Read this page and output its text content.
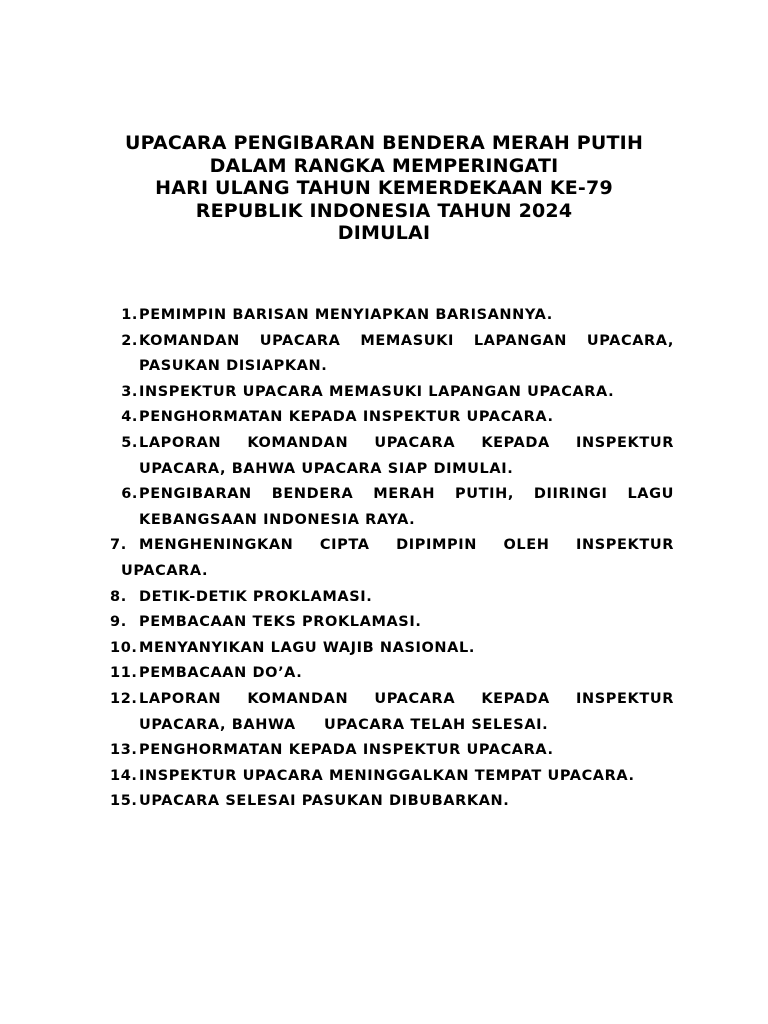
UPACARA PENGIBARAN BENDERA MERAH PUTIH
DALAM RANGKA MEMPERINGATI
HARI ULANG TAHUN KEMERDEKAAN KE-79
REPUBLIK INDONESIA TAHUN 2024
DIMULAI
1. PEMIMPIN BARISAN MENYIAPKAN BARISANNYA.
2. KOMANDAN UPACARA MEMASUKI LAPANGAN UPACARA,
PASUKAN DISIAPKAN.
3. INSPEKTUR UPACARA MEMASUKI LAPANGAN UPACARA.
4. PENGHORMATAN KEPADA INSPEKTUR UPACARA.
5. LAPORAN KOMANDAN UPACARA KEPADA INSPEKTUR
UPACARA, BAHWA UPACARA SIAP DIMULAI.
6. PENGIBARAN BENDERA MERAH PUTIH, DIIRINGI LAGU
KEBANGSAAN INDONESIA RAYA.
7. MENGHENINGKAN CIPTA DIPIMPIN OLEH INSPEKTUR
UPACARA.
8. DETIK-DETIK PROKLAMASI.
9. PEMBACAAN TEKS PROKLAMASI.
10. MENYANYIKAN LAGU WAJIB NASIONAL.
11. PEMBACAAN DO’A.
12. LAPORAN KOMANDAN UPACARA KEPADA INSPEKTUR
UPACARA, BAHWA     UPACARA TELAH SELESAI.
13. PENGHORMATAN KEPADA INSPEKTUR UPACARA.
14. INSPEKTUR UPACARA MENINGGALKAN TEMPAT UPACARA.
15. UPACARA SELESAI PASUKAN DIBUBARKAN.
